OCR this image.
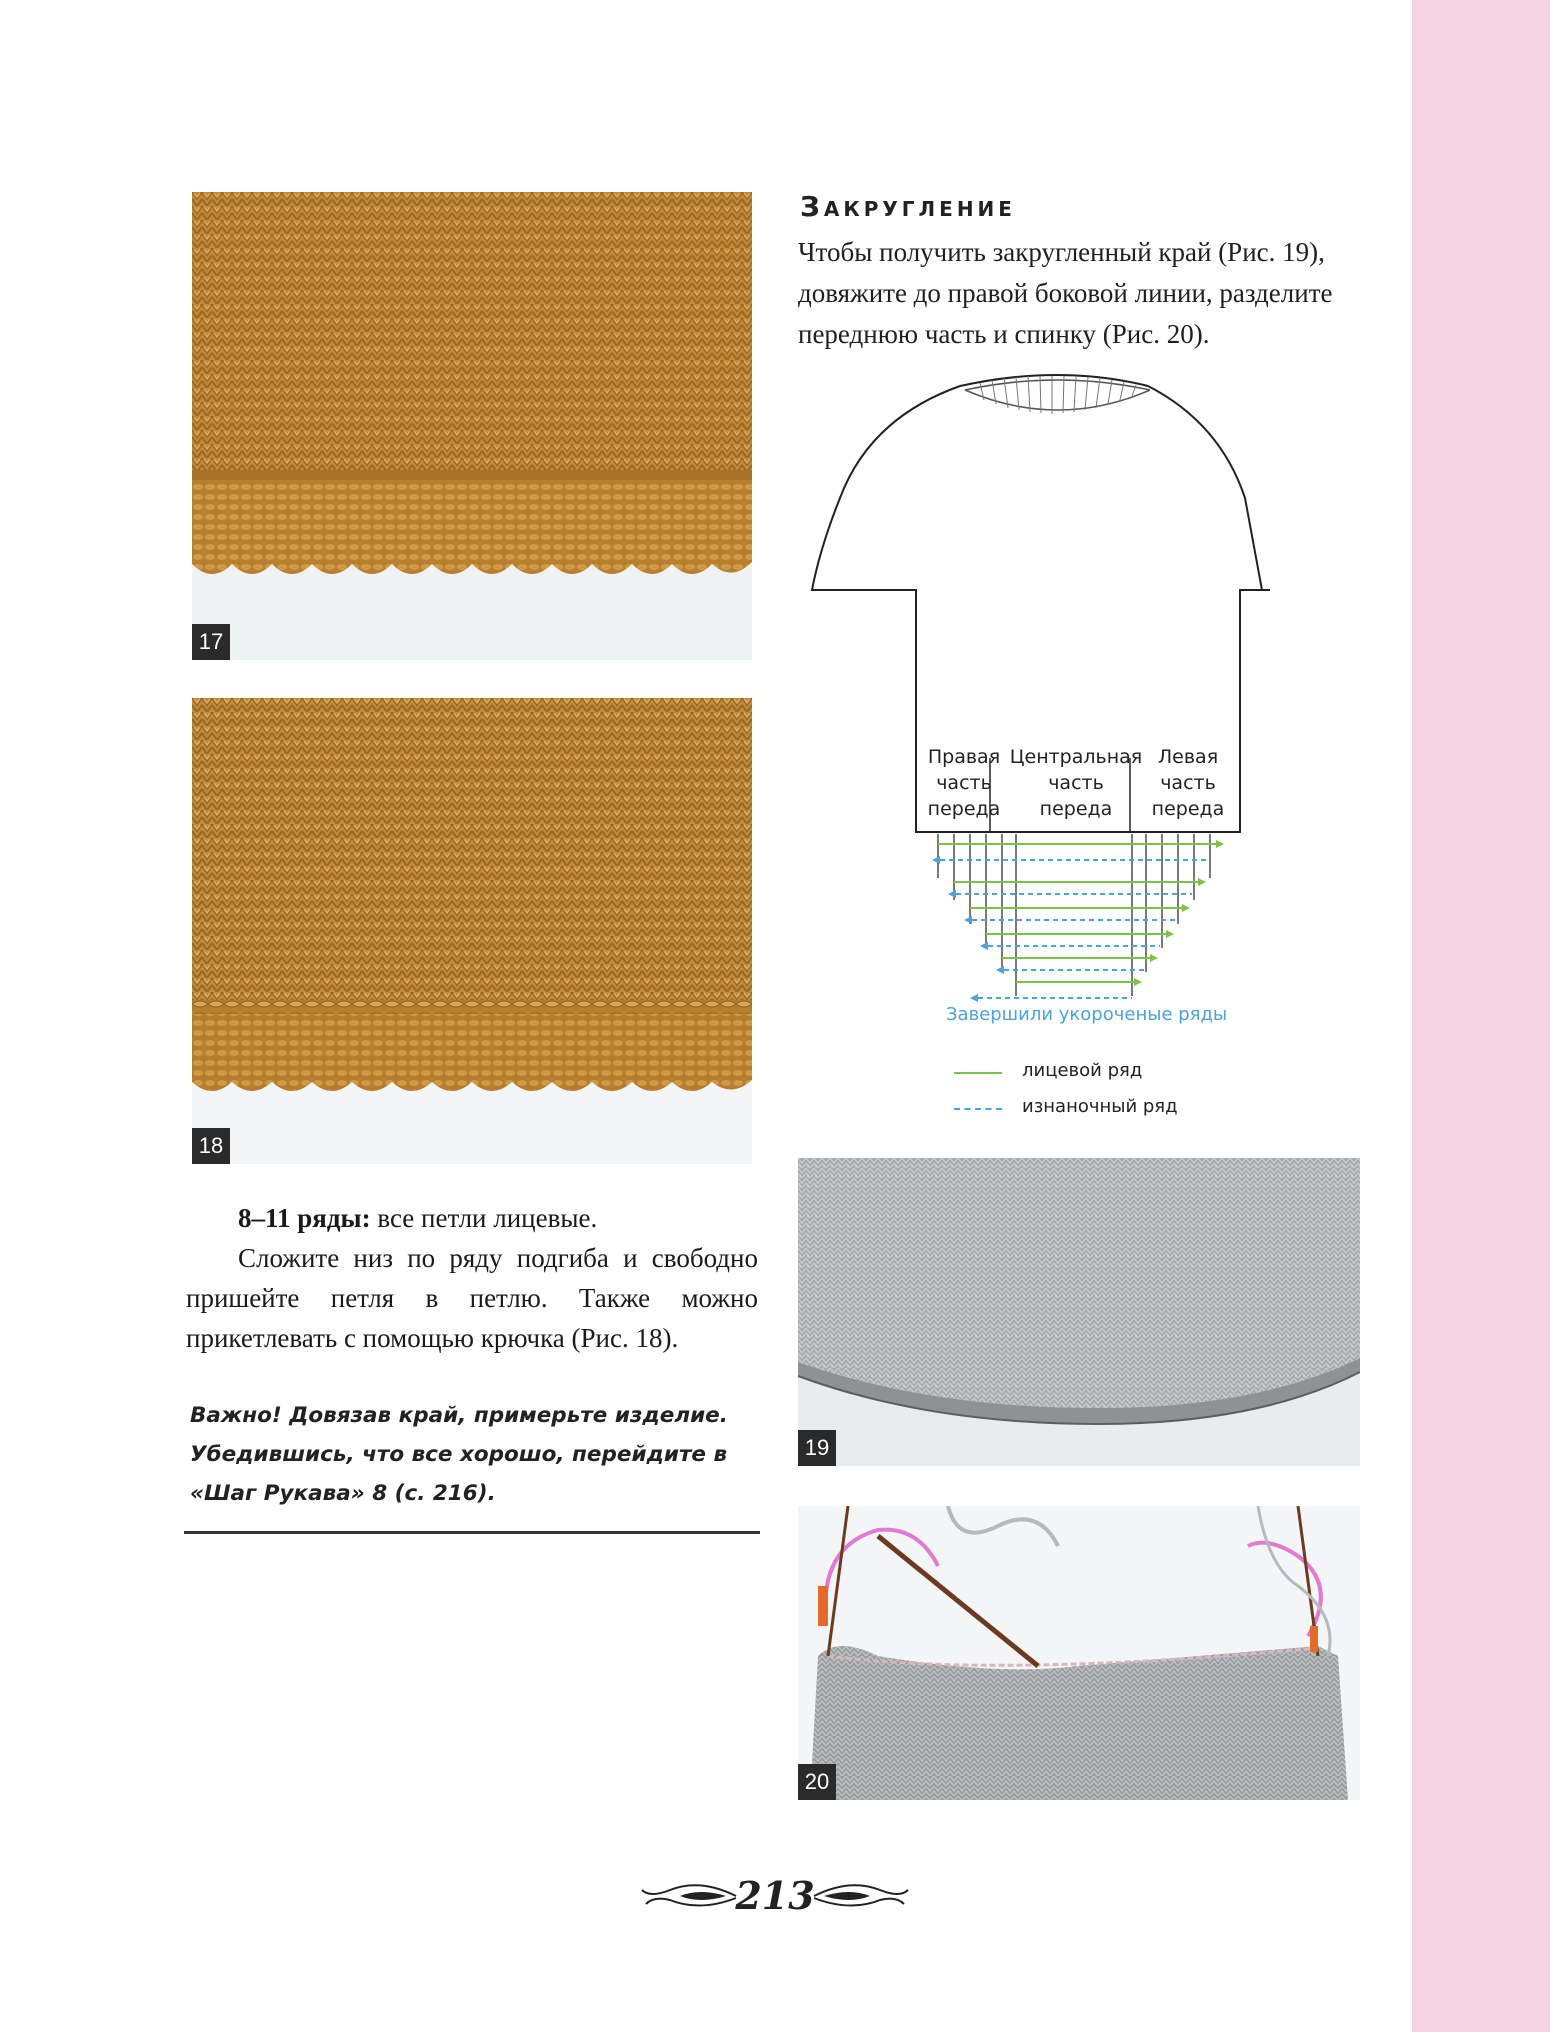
17
18
Закругление
Чтобы получить закругленный край (Рис. 19), довяжите до правой боковой линии, разделите переднюю часть и спинку (Рис. 20).
Правая
часть
переда
Центральная
часть
переда
Левая
часть
переда
Завершили укороченые ряды
лицевой ряд
изнаночный ряд
19
20

8–11 ряды: все петли лицевые.

Сложите низ по ряду подгиба и свободно пришейте петля в петлю. Также можно прикетлевать с помощью крючка (Рис. 18).

Важно! Довязав край, примерьте изделие. Убедившись, что все хорошо, перейдите в «Шаг Рукава» 8 (с. 216).
213
